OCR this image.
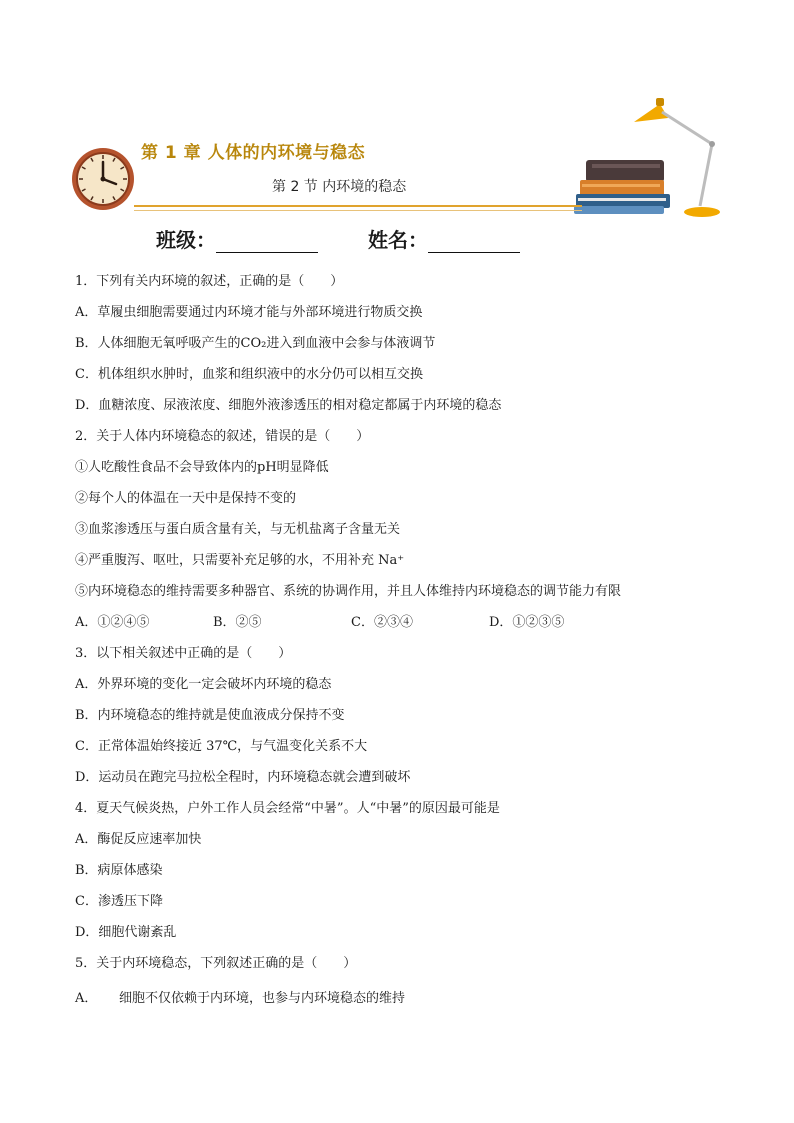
第 1 章 人体的内环境与稳态
第 2 节 内环境的稳态
班级：	姓名：
1．下列有关内环境的叙述，正确的是（　　）
A．草履虫细胞需要通过内环境才能与外部环境进行物质交换
B．人体细胞无氧呼吸产生的CO₂进入到血液中会参与体液调节
C．机体组织水肿时，血浆和组织液中的水分仍可以相互交换
D．血糖浓度、尿液浓度、细胞外液渗透压的相对稳定都属于内环境的稳态
2．关于人体内环境稳态的叙述，错误的是（　　）
①人吃酸性食品不会导致体内的pH明显降低
②每个人的体温在一天中是保持不变的
③血浆渗透压与蛋白质含量有关，与无机盐离子含量无关
④严重腹泻、呕吐，只需要补充足够的水，不用补充 Na⁺
⑤内环境稳态的维持需要多种器官、系统的协调作用，并且人体维持内环境稳态的调节能力有限
A．①②④⑤	B．②⑤	C．②③④	D．①②③⑤
3．以下相关叙述中正确的是（　　）
A．外界环境的变化一定会破坏内环境的稳态
B．内环境稳态的维持就是使血液成分保持不变
C．正常体温始终接近 37℃，与气温变化关系不大
D．运动员在跑完马拉松全程时，内环境稳态就会遭到破坏
4．夏天气候炎热，户外工作人员会经常“中暑”。人“中暑”的原因最可能是
A．酶促反应速率加快
B．病原体感染
C．渗透压下降
D．细胞代谢紊乱
5．关于内环境稳态，下列叙述正确的是（　　）
A． 细胞不仅依赖于内环境，也参与内环境稳态的维持
